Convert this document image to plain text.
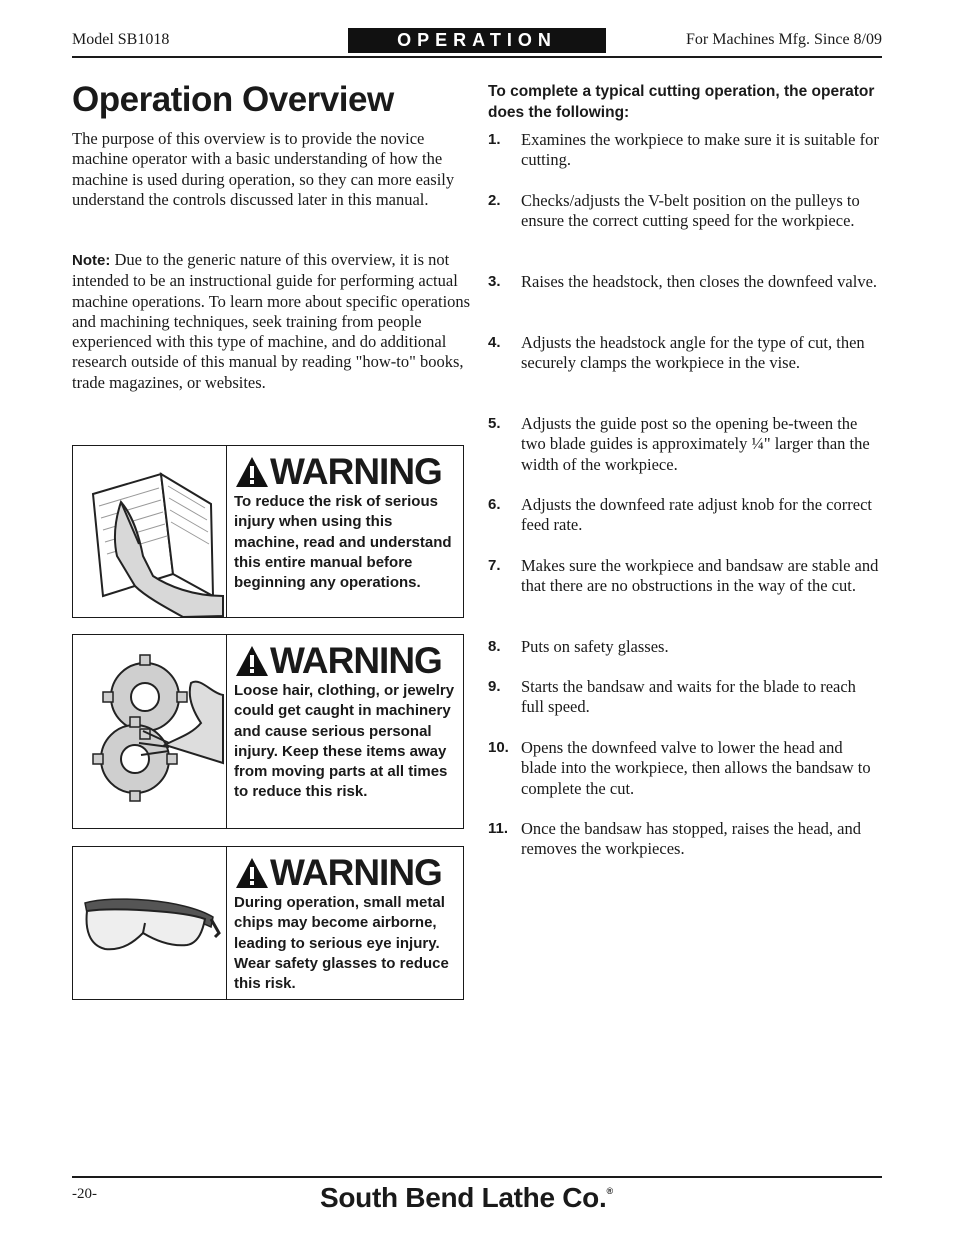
Model SB1018	OPERATION	For Machines Mfg. Since 8/09
Operation Overview
The purpose of this overview is to provide the novice machine operator with a basic understanding of how the machine is used during operation, so they can more easily understand the controls discussed later in this manual.
Note: Due to the generic nature of this overview, it is not intended to be an instructional guide for performing actual machine operations. To learn more about specific operations and machining techniques, seek training from people experienced with this type of machine, and do additional research outside of this manual by reading "how-to" books, trade magazines, or websites.
WARNING
To reduce the risk of serious injury when using this machine, read and understand this entire manual before beginning any operations.
WARNING
Loose hair, clothing, or jewelry could get caught in machinery and cause serious personal injury. Keep these items away from moving parts at all times to reduce this risk.
WARNING
During operation, small metal chips may become airborne, leading to serious eye injury. Wear safety glasses to reduce this risk.
To complete a typical cutting operation, the operator does the following:
1. Examines the workpiece to make sure it is suitable for cutting.
2. Checks/adjusts the V-belt position on the pulleys to ensure the correct cutting speed for the workpiece.
3. Raises the headstock, then closes the downfeed valve.
4. Adjusts the headstock angle for the type of cut, then securely clamps the workpiece in the vise.
5. Adjusts the guide post so the opening be-tween the two blade guides is approximately ¼" larger than the width of the workpiece.
6. Adjusts the downfeed rate adjust knob for the correct feed rate.
7. Makes sure the workpiece and bandsaw are stable and that there are no obstructions in the way of the cut.
8. Puts on safety glasses.
9. Starts the bandsaw and waits for the blade to reach full speed.
10. Opens the downfeed valve to lower the head and blade into the workpiece, then allows the bandsaw to complete the cut.
11. Once the bandsaw has stopped, raises the head, and removes the workpieces.
-20-	South Bend Lathe Co.®
